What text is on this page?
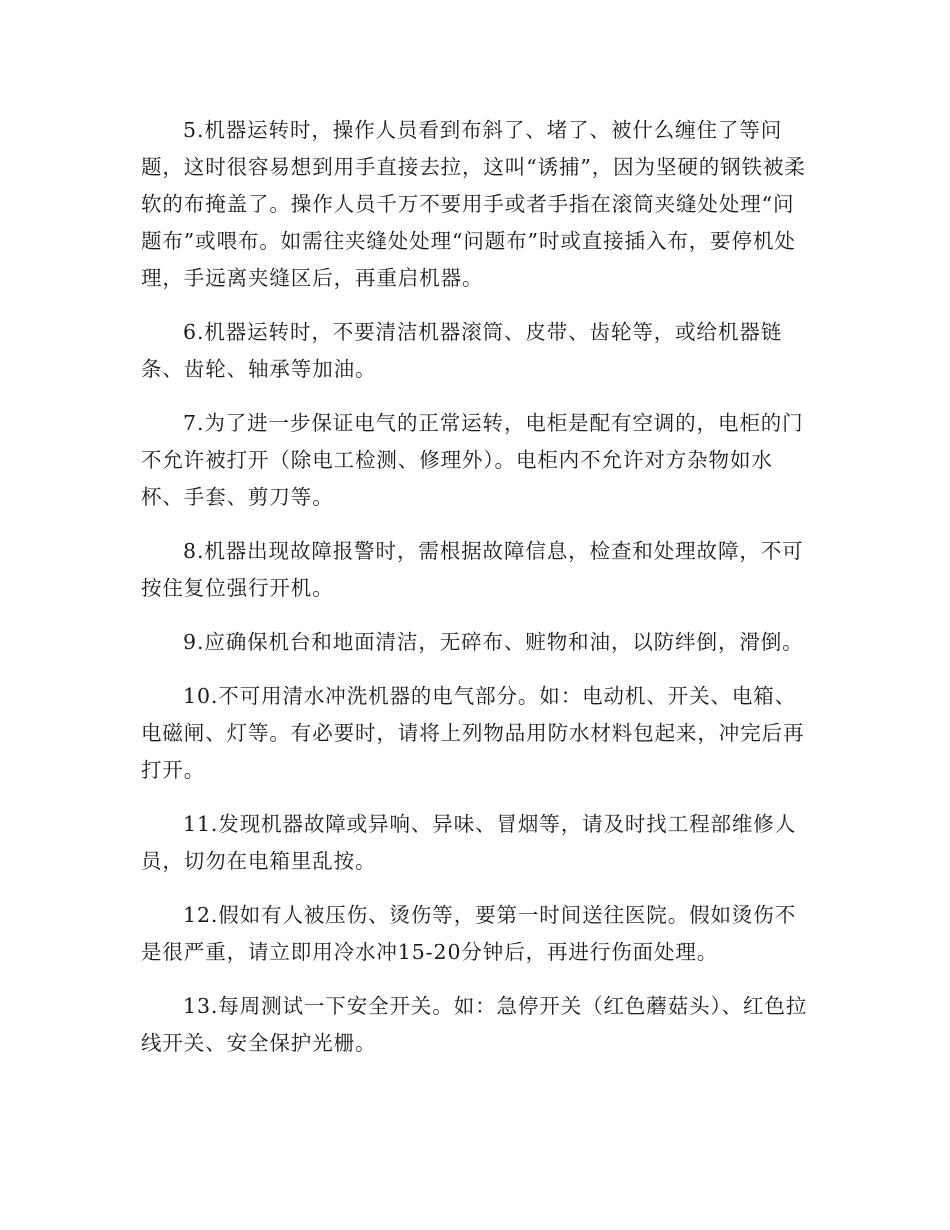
5.机器运转时，操作人员看到布斜了、堵了、被什么缠住了等问题，这时很容易想到用手直接去拉，这叫“诱捕”，因为坚硬的钢铁被柔软的布掩盖了。操作人员千万不要用手或者手指在滚筒夹缝处处理“问题布”或喂布。如需往夹缝处处理“问题布”时或直接插入布，要停机处理，手远离夹缝区后，再重启机器。

6.机器运转时，不要清洁机器滚筒、皮带、齿轮等，或给机器链条、齿轮、轴承等加油。

7.为了进一步保证电气的正常运转，电柜是配有空调的，电柜的门不允许被打开（除电工检测、修理外）。电柜内不允许对方杂物如水杯、手套、剪刀等。

8.机器出现故障报警时，需根据故障信息，检查和处理故障，不可按住复位强行开机。

9.应确保机台和地面清洁，无碎布、赃物和油，以防绊倒，滑倒。

10.不可用清水冲洗机器的电气部分。如：电动机、开关、电箱、电磁闸、灯等。有必要时，请将上列物品用防水材料包起来，冲完后再打开。

11.发现机器故障或异响、异味、冒烟等，请及时找工程部维修人员，切勿在电箱里乱按。

12.假如有人被压伤、烫伤等，要第一时间送往医院。假如烫伤不是很严重，请立即用冷水冲15-20分钟后，再进行伤面处理。

13.每周测试一下安全开关。如：急停开关（红色蘑菇头）、红色拉线开关、安全保护光栅。
